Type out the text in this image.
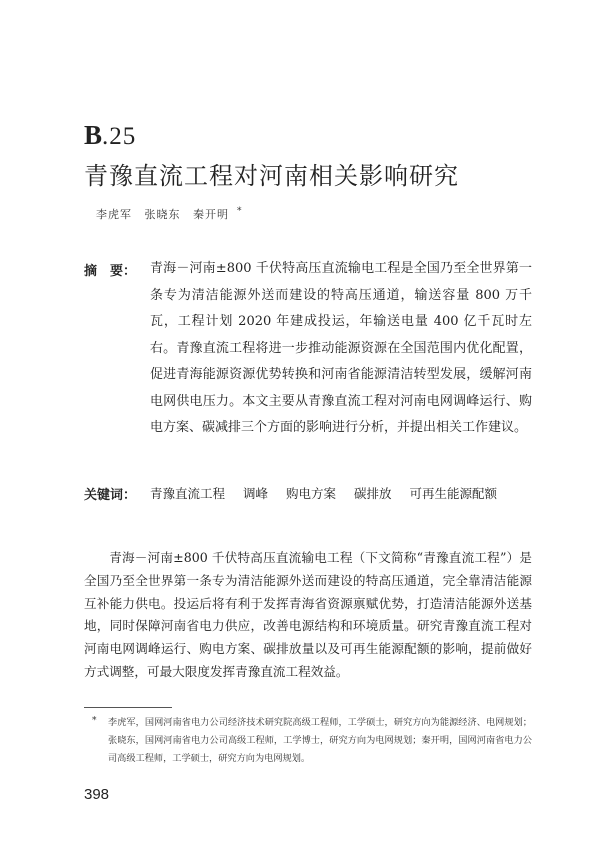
B.25
青豫直流工程对河南相关影响研究
李虎军 张晓东 秦开明 *
摘　要： 青海－河南±800 千伏特高压直流输电工程是全国乃至全世界第一条专为清洁能源外送而建设的特高压通道，输送容量 800 万千瓦，工程计划 2020 年建成投运，年输送电量 400 亿千瓦时左右。青豫直流工程将进一步推动能源资源在全国范围内优化配置，促进青海能源资源优势转换和河南省能源清洁转型发展，缓解河南电网供电压力。本文主要从青豫直流工程对河南电网调峰运行、购电方案、碳减排三个方面的影响进行分析，并提出相关工作建议。
关键词： 青豫直流工程 调峰 购电方案 碳排放 可再生能源配额
青海－河南±800 千伏特高压直流输电工程（下文简称“青豫直流工程”）是全国乃至全世界第一条专为清洁能源外送而建设的特高压通道，完全靠清洁能源互补能力供电。投运后将有利于发挥青海省资源禀赋优势，打造清洁能源外送基地，同时保障河南省电力供应，改善电源结构和环境质量。研究青豫直流工程对河南电网调峰运行、购电方案、碳排放量以及可再生能源配额的影响，提前做好方式调整，可最大限度发挥青豫直流工程效益。
* 李虎军，国网河南省电力公司经济技术研究院高级工程师，工学硕士，研究方向为能源经济、电网规划；张晓东，国网河南省电力公司高级工程师，工学博士，研究方向为电网规划；秦开明，国网河南省电力公司高级工程师，工学硕士，研究方向为电网规划。
398
